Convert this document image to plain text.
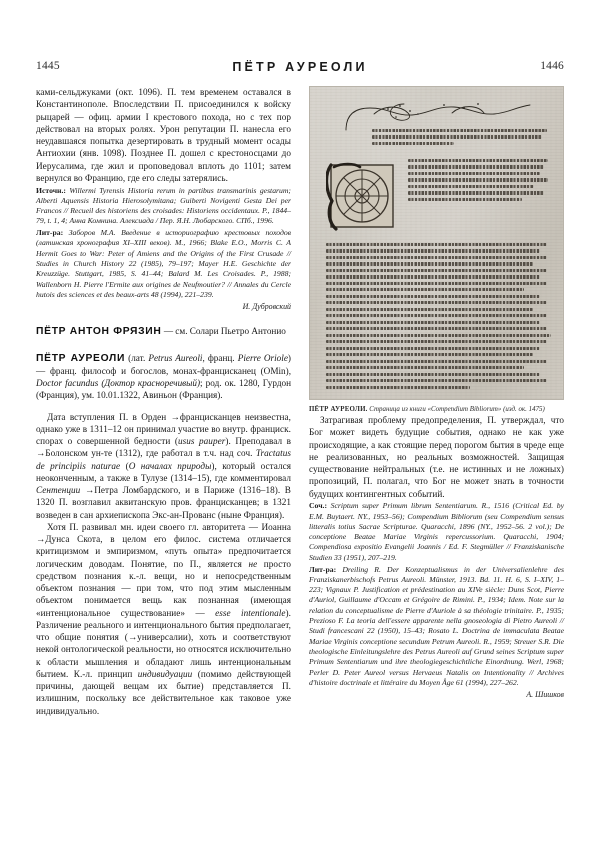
1445	ПЁТР АУРЕОЛИ	1446

ками-сельджуками (окт. 1096). П. тем временем оставался в Константинополе. Впоследствии П. присоединился к войску рыцарей — офиц. армии I крестового похода, но с тех пор действовал на вторых ролях. Урон репутации П. нанесла его неудавшаяся попытка дезертировать в трудный момент осады Антиохии (янв. 1098). Позднее П. дошел с крестоносцами до Иерусалима, где жил и проповедовал вплоть до 1101; затем вернулся во Францию, где его следы затерялись.

Источн.: Willermi Tyrensis Historia rerum in partibus transmarinis gestarum; Alberti Aquensis Historia Hierosolymitana; Guiberti Novigenti Gesta Dei per Francos // Recueil des historiens des croisades: Historiens occidentaux. P., 1844–79, t. 1, 4; Анна Комнина. Алексиада / Пер. Я.Н. Любарского. СПб., 1996.

Лит-ра: Заборов М.А. Введение в историографию крестовых походов (латинская хронография XI–XIII веков). М., 1966; Blake E.O., Morris C. A Hermit Goes to War: Peter of Amiens and the Origins of the First Crusade // Studies in Church History 22 (1985), 79–197; Mayer H.E. Geschichte der Kreuzzüge. Stuttgart, 1985, S. 41–44; Balard M. Les Croisades. P., 1988; Wallenborn H. Pierre l'Ermite aux origines de Neufmoutier? // Annales du Cercle hutois des sciences et des beaux-arts 48 (1994), 221–239.

И. Дубровский

ПЁТР АНТОН ФРЯЗИН — см. Солари Пьетро Антонио

ПЁТР АУРЕОЛИ (лат. Petrus Aureoli, франц. Pierre Oriole) — франц. философ и богослов, монах-францисканец (OMin), Doctor facundus (Доктор красноречивый); род. ок. 1280, Гурдон (Франция), ум. 10.01.1322, Авиньон (Франция).

Дата вступления П. в Орден →францисканцев неизвестна, однако уже в 1311–12 он принимал участие во внутр. франциск. спорах о совершенной бедности (usus pauper). Преподавал в →Болонском ун-те (1312), где работал в т.ч. над соч. Tractatus de principiis naturae (О началах природы), который остался неоконченным, а также в Тулузе (1314–15), где комментировал Сентенции →Петра Ломбардского, и в Париже (1316–18). В 1320 П. возглавил аквитанскую пров. францисканцев; в 1321 возведен в сан архиепископа Экс-ан-Прованс (ныне Франция).

Хотя П. развивал мн. идеи своего гл. авторитета — Иоанна →Дунса Скота, в целом его филос. система отличается критицизмом и эмпиризмом, «путь опыта» предпочитается логическим доводам. Понятие, по П., является не просто средством познания к.-л. вещи, но и непосредственным объектом познания — при том, что под этим мысленным объектом понимается вещь как познанная (имеющая «интенциональное существование» — esse intentionale). Различение реального и интенционального бытия предполагает, что общие понятия (→универсалии), хоть и соответствуют некой онтологической реальности, но относятся исключительно к области мышления и обладают лишь интенциональным бытием. К.-л. принцип индивидуации (помимо действующей причины, дающей вещам их бытие) представляется П. излишним, поскольку все действительное как таковое уже индивидуально.

ПЁТР АУРЕОЛИ. Страница из книги «Compendium Bibliorum» (изд. ок. 1475)

Затрагивая проблему предопределения, П. утверждал, что Бог может видеть будущие события, однако не как уже происходящие, а как стоящие перед порогом бытия в чреде еще не реализованных, но реальных возможностей. Защищая существование нейтральных (т.е. не истинных и не ложных) пропозиций, П. полагал, что Бог не может знать в точности будущих контингентных событий.

Соч.: Scriptum super Primum librum Sententiarum. R., 1516 (Critical Ed. by E.M. Buytaert. NY., 1953–56); Compendium Bibliorum (seu Compendium sensus litteralis totius Sacrae Scripturae. Quaracchi, 1896 (NY., 1952–56. 2 vol.); De conceptione Beatae Mariae Virginis repercussorium. Quaracchi, 1904; Compendiosa expositio Evangelii Joannis / Ed. F. Stegmüller // Franziskanische Studien 33 (1951), 207–219.

Лит-ра: Dreiling R. Der Konzeptualismus in der Universalienlehre des Franziskanerbischofs Petrus Aureoli. Münster, 1913. Bd. 11. H. 6, S. I–XIV, 1–223; Vignaux P. Justification et prédestination au XIVe siècle: Duns Scot, Pierre d'Auriol, Guillaume d'Occam et Grégoire de Rimini. P., 1934; Idem. Note sur la relation du conceptualisme de Pierre d'Auriole à sa théologie trinitaire. P., 1935; Prezioso F. La teoria dell'essere apparente nella gnoseologia di Pietro Aureoli // Studi francescani 22 (1950), 15–43; Rosato L. Doctrina de immaculata Beatae Mariae Virginis conceptione secundum Petrum Aureoli. R., 1959; Streuer S.R. Die theologische Einleitungslehre des Petrus Aureoli auf Grund seines Scriptum super Primum Sententiarum und ihre theologiegeschichtliche Einordnung. Werl, 1968; Perler D. Peter Aureol versus Hervaeus Natalis on Intentionality // Archives d'histoire doctrinale et littéraire du Moyen Âge 61 (1994), 227–262.

А. Шишков
